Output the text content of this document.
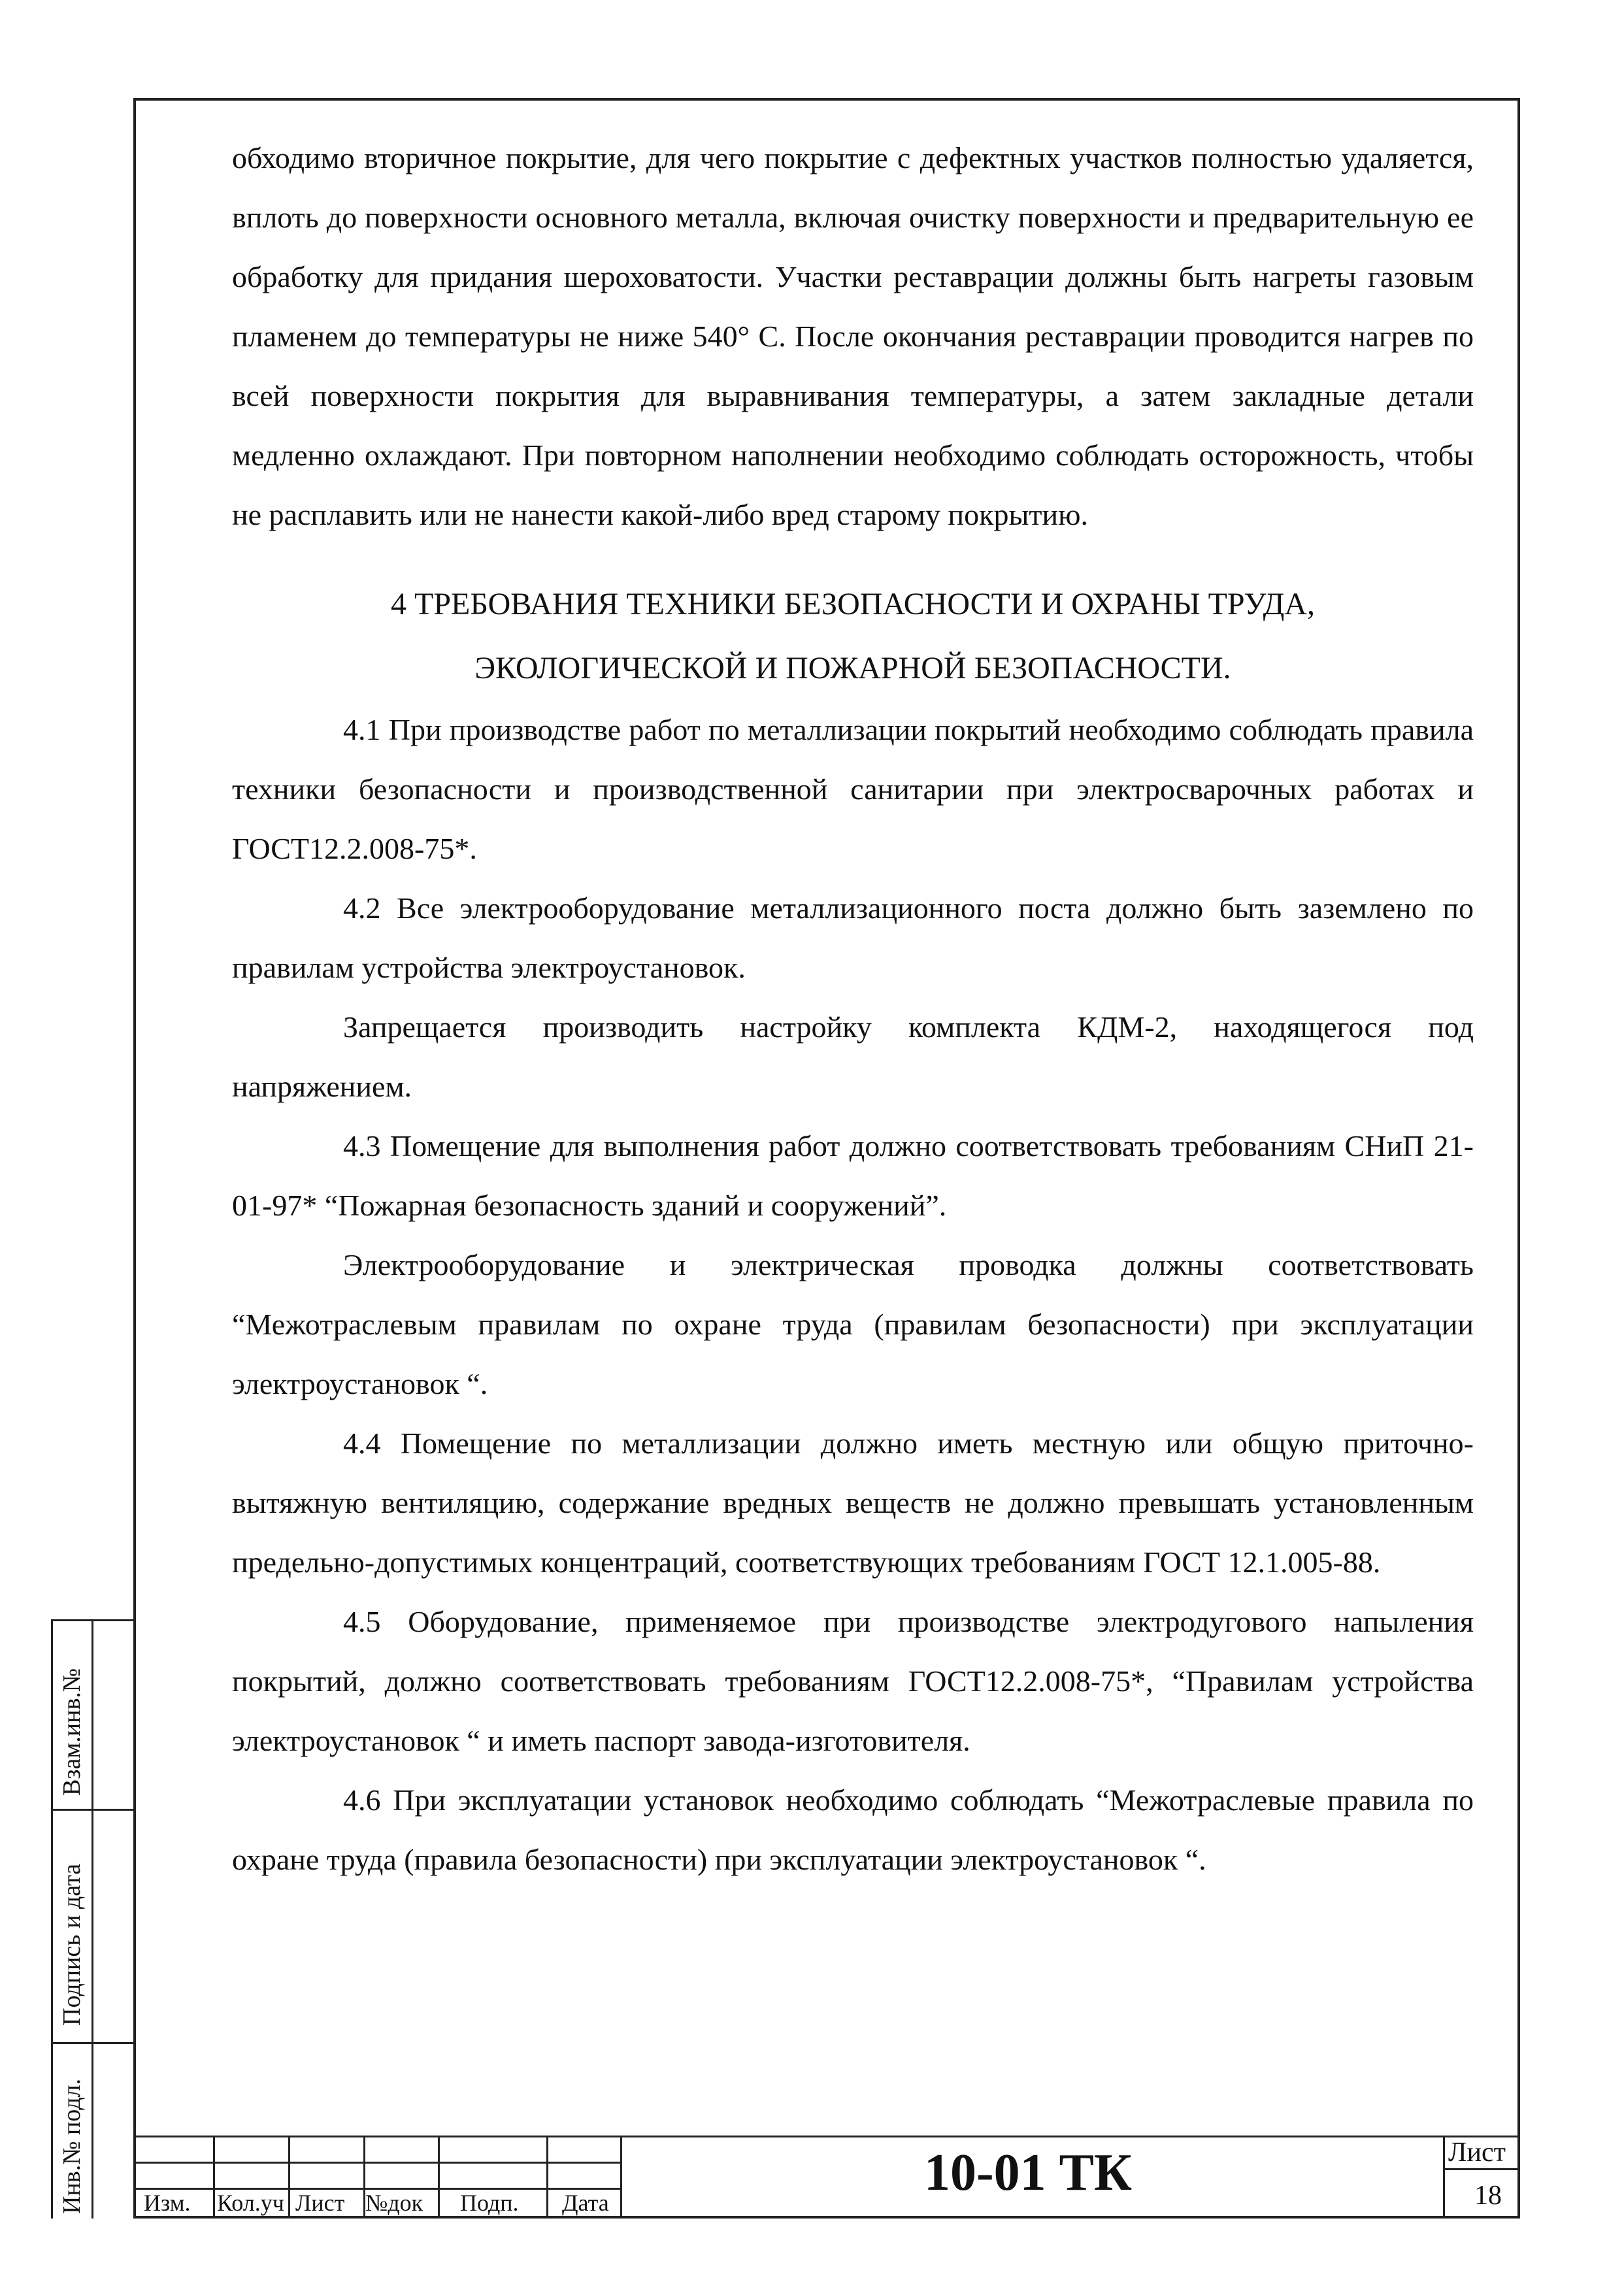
обходимо вторичное покрытие, для чего покрытие с дефектных участков полностью удаляется, вплоть до поверхности основного металла, включая очистку поверхности и предварительную ее обработку для придания шероховатости. Участки реставрации должны быть нагреты газовым пламенем до температуры не ниже 540° С. После окончания реставрации проводится нагрев по всей поверхности покрытия для выравнивания температуры, а затем закладные детали медленно охлаждают. При повторном наполнении необходимо соблюдать осторожность, чтобы не расплавить или не нанести какой-либо вред старому покрытию.

4 ТРЕБОВАНИЯ ТЕХНИКИ БЕЗОПАСНОСТИ И ОХРАНЫ ТРУДА,
ЭКОЛОГИЧЕСКОЙ И ПОЖАРНОЙ БЕЗОПАСНОСТИ.

4.1 При производстве работ по металлизации покрытий необходимо соблюдать правила техники безопасности и производственной санитарии при электросварочных работах и ГОСТ12.2.008-75*.

4.2 Все электрооборудование металлизационного поста должно быть заземлено по правилам устройства электроустановок.

Запрещается производить настройку комплекта КДМ-2, находящегося под напряжением.

4.3 Помещение для выполнения работ должно соответствовать требованиям СНиП 21-01-97* “Пожарная безопасность зданий и сооружений”.

Электрооборудование и электрическая проводка должны соответствовать “Межотраслевым правилам по охране труда (правилам безопасности) при эксплуатации электроустановок “.

4.4 Помещение по металлизации должно иметь местную или общую приточно-вытяжную вентиляцию, содержание вредных веществ не должно превышать установленным предельно-допустимых концентраций, соответствующих требованиям ГОСТ 12.1.005-88.

4.5 Оборудование, применяемое при производстве электродугового напыления покрытий, должно соответствовать требованиям ГОСТ12.2.008-75*, “Правилам устройства электроустановок “ и иметь паспорт завода-изготовителя.

4.6 При эксплуатации установок необходимо соблюдать “Межотраслевые правила по охране труда (правила безопасности) при эксплуатации электроустановок “.

Взам.инв.№
Подпись и дата
Инв.№ подл. Изм. Кол.уч Лист №док Подп. Дата
10-01 ТК	Лист
18
